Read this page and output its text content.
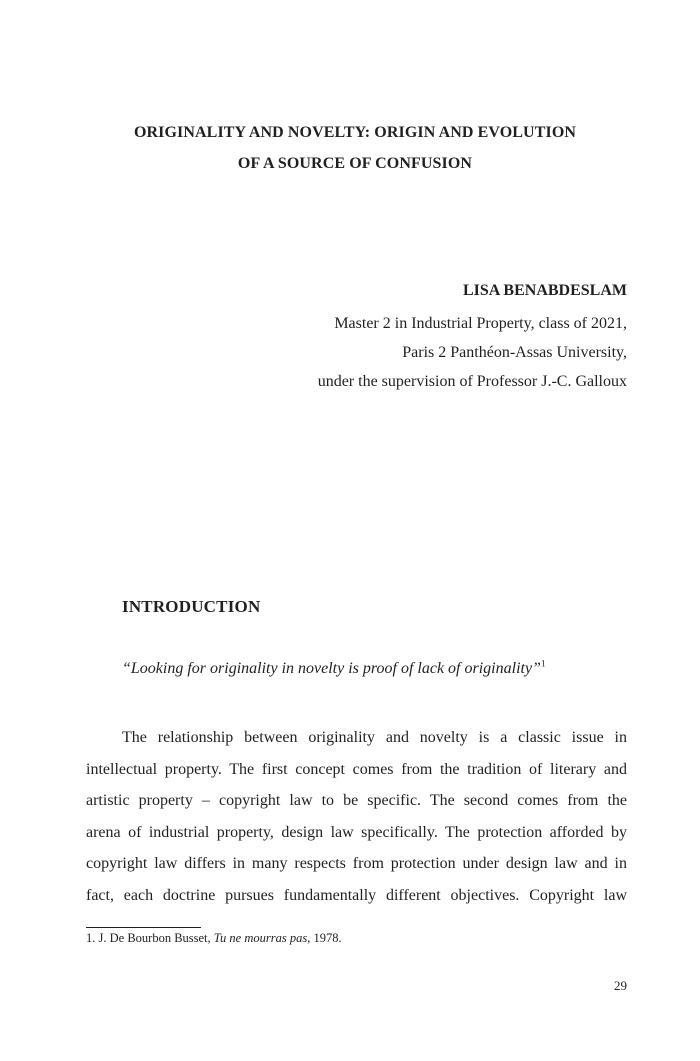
ORIGINALITY AND NOVELTY: ORIGIN AND EVOLUTION
OF A SOURCE OF CONFUSION

LISA BENABDESLAM

Master 2 in Industrial Property, class of 2021,

Paris 2 Panthéon-Assas University,

under the supervision of Professor J.-C. Galloux

INTRODUCTION

“Looking for originality in novelty is proof of lack of originality”$^1$

The relationship between originality and novelty is a classic issue in
intellectual property. The first concept comes from the tradition of literary and
artistic property – copyright law to be specific. The second comes from the
arena of industrial property, design law specifically. The protection afforded by
copyright law differs in many respects from protection under design law and in
fact, each doctrine pursues fundamentally different objectives. Copyright law

1. J. De Bourbon Busset, Tu ne mourras pas, 1978.

29
